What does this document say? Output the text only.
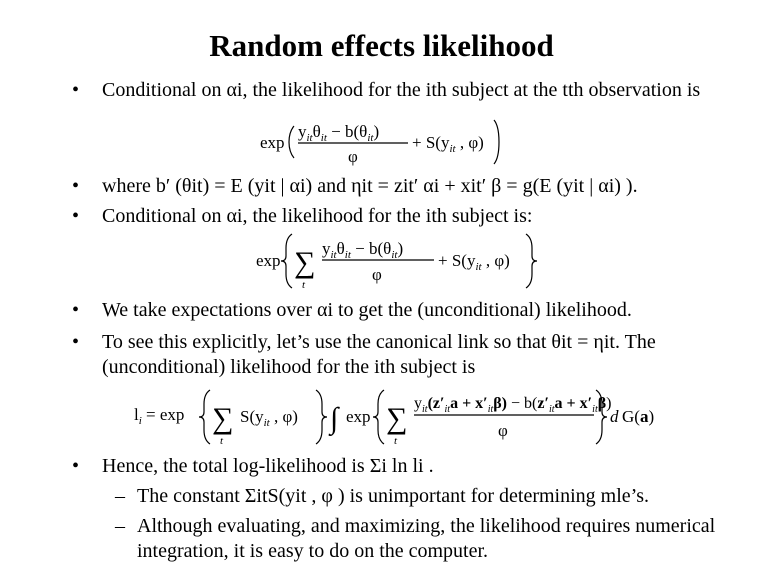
Random effects likelihood
• Conditional on αi, the likelihood for the ith subject at the tth observation is
exp
$y_{it}\theta_{it} - b(\theta_{it})$
φ
+ $S(y_{it}$ , φ)
• where b′ (θit) = E (yit | αi) and ηit = zit′ αi + xit′ β = g(E (yit | αi) ).
• Conditional on αi, the likelihood for the ith subject is:
exp ∑
t
$y_{it}\theta_{it} - b(\theta_{it})$
φ
+ $S(y_{it}$ , φ)
• We take expectations over αi to get the (unconditional) likelihood.
• To see this explicitly, let’s use the canonical link so that θit = ηit. The (unconditional) likelihood for the ith subject is
$l_i = \exp$ ∑
t
$S(y_{it}$ , φ) ∫ exp ∑
t
$y_{it}(z'_{it}a + x'_{it}\beta) - b(z'_{it}a + x'_{it}\beta)$
φ
d G(a)
• Hence, the total log-likelihood is Σi ln li .
– The constant ΣitS(yit , φ ) is unimportant for determining mle’s.
– Although evaluating, and maximizing, the likelihood requires numerical integration, it is easy to do on the computer.
